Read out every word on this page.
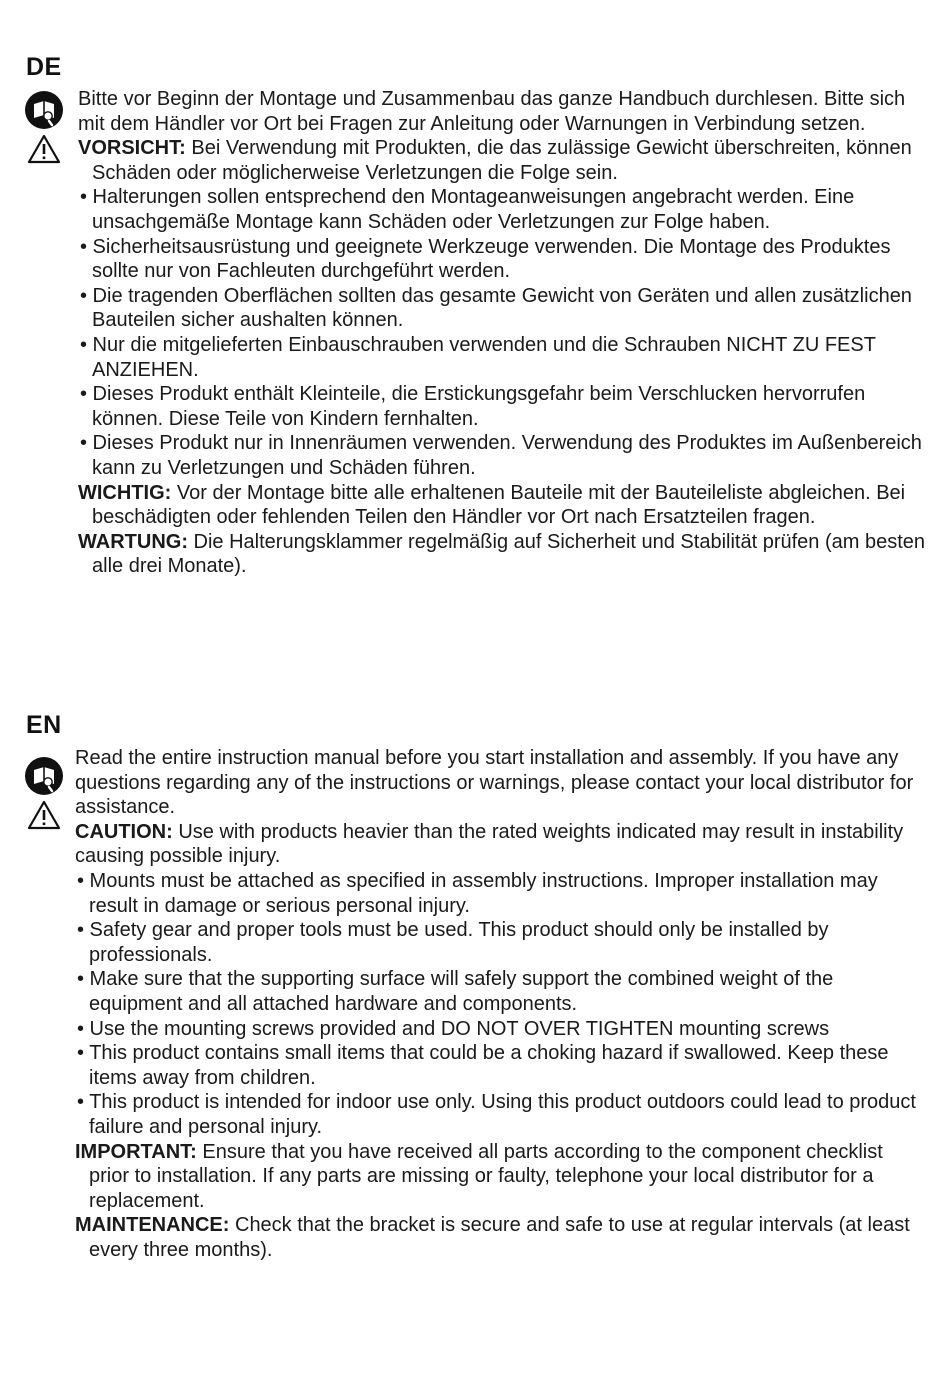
DE

Bitte vor Beginn der Montage und Zusammenbau das ganze Handbuch durchlesen. Bitte sich mit dem Händler vor Ort bei Fragen zur Anleitung oder Warnungen in Verbindung setzen.

VORSICHT: Bei Verwendung mit Produkten, die das zulässige Gewicht überschreiten, können Schäden oder möglicherweise Verletzungen die Folge sein.

• Halterungen sollen entsprechend den Montageanweisungen angebracht werden. Eine unsachgemäße Montage kann Schäden oder Verletzungen zur Folge haben.

• Sicherheitsausrüstung und geeignete Werkzeuge verwenden. Die Montage des Produktes sollte nur von Fachleuten durchgeführt werden.

• Die tragenden Oberflächen sollten das gesamte Gewicht von Geräten und allen zusätzlichen Bauteilen sicher aushalten können.

• Nur die mitgelieferten Einbauschrauben verwenden und die Schrauben NICHT ZU FEST ANZIEHEN.

• Dieses Produkt enthält Kleinteile, die Erstickungsgefahr beim Verschlucken hervorrufen können. Diese Teile von Kindern fernhalten.

• Dieses Produkt nur in Innenräumen verwenden. Verwendung des Produktes im Außenbereich kann zu Verletzungen und Schäden führen.

WICHTIG: Vor der Montage bitte alle erhaltenen Bauteile mit der Bauteileliste abgleichen. Bei beschädigten oder fehlenden Teilen den Händler vor Ort nach Ersatzteilen fragen.

WARTUNG: Die Halterungsklammer regelmäßig auf Sicherheit und Stabilität prüfen (am besten alle drei Monate).

EN

Read the entire instruction manual before you start installation and assembly. If you have any questions regarding any of the instructions or warnings, please contact your local distributor for assistance.

CAUTION: Use with products heavier than the rated weights indicated may result in instability causing possible injury.

• Mounts must be attached as specified in assembly instructions. Improper installation may result in damage or serious personal injury.

• Safety gear and proper tools must be used. This product should only be installed by professionals.

• Make sure that the supporting surface will safely support the combined weight of the equipment and all attached hardware and components.

• Use the mounting screws provided and DO NOT OVER TIGHTEN mounting screws

• This product contains small items that could be a choking hazard if swallowed. Keep these items away from children.

• This product is intended for indoor use only. Using this product outdoors could lead to product failure and personal injury.

IMPORTANT: Ensure that you have received all parts according to the component checklist prior to installation. If any parts are missing or faulty, telephone your local distributor for a replacement.

MAINTENANCE: Check that the bracket is secure and safe to use at regular intervals (at least every three months).
